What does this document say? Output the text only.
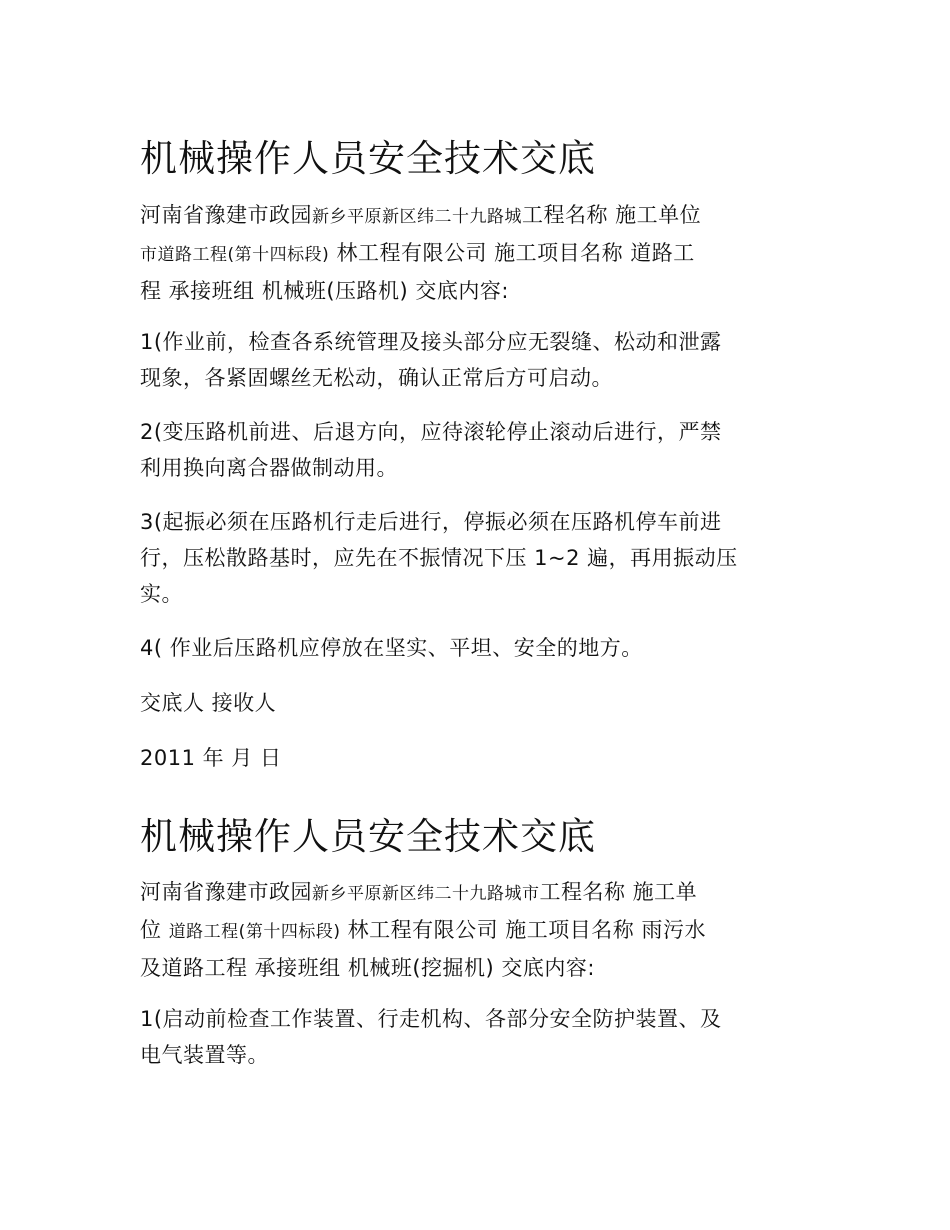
机械操作人员安全技术交底
河南省豫建市政园新乡平原新区纬二十九路城工程名称 施工单位
市道路工程(第十四标段) 林工程有限公司 施工项目名称 道路工
程 承接班组 机械班(压路机) 交底内容:
1(作业前，检查各系统管理及接头部分应无裂缝、松动和泄露
现象，各紧固螺丝无松动，确认正常后方可启动。
2(变压路机前进、后退方向，应待滚轮停止滚动后进行，严禁
利用换向离合器做制动用。
3(起振必须在压路机行走后进行，停振必须在压路机停车前进
行，压松散路基时，应先在不振情况下压 1~2 遍，再用振动压
实。
4( 作业后压路机应停放在坚实、平坦、安全的地方。
交底人 接收人
2011 年 月 日
机械操作人员安全技术交底
河南省豫建市政园新乡平原新区纬二十九路城市工程名称 施工单
位 道路工程(第十四标段) 林工程有限公司 施工项目名称 雨污水
及道路工程 承接班组 机械班(挖掘机) 交底内容:
1(启动前检查工作装置、行走机构、各部分安全防护装置、及
电气装置等。
